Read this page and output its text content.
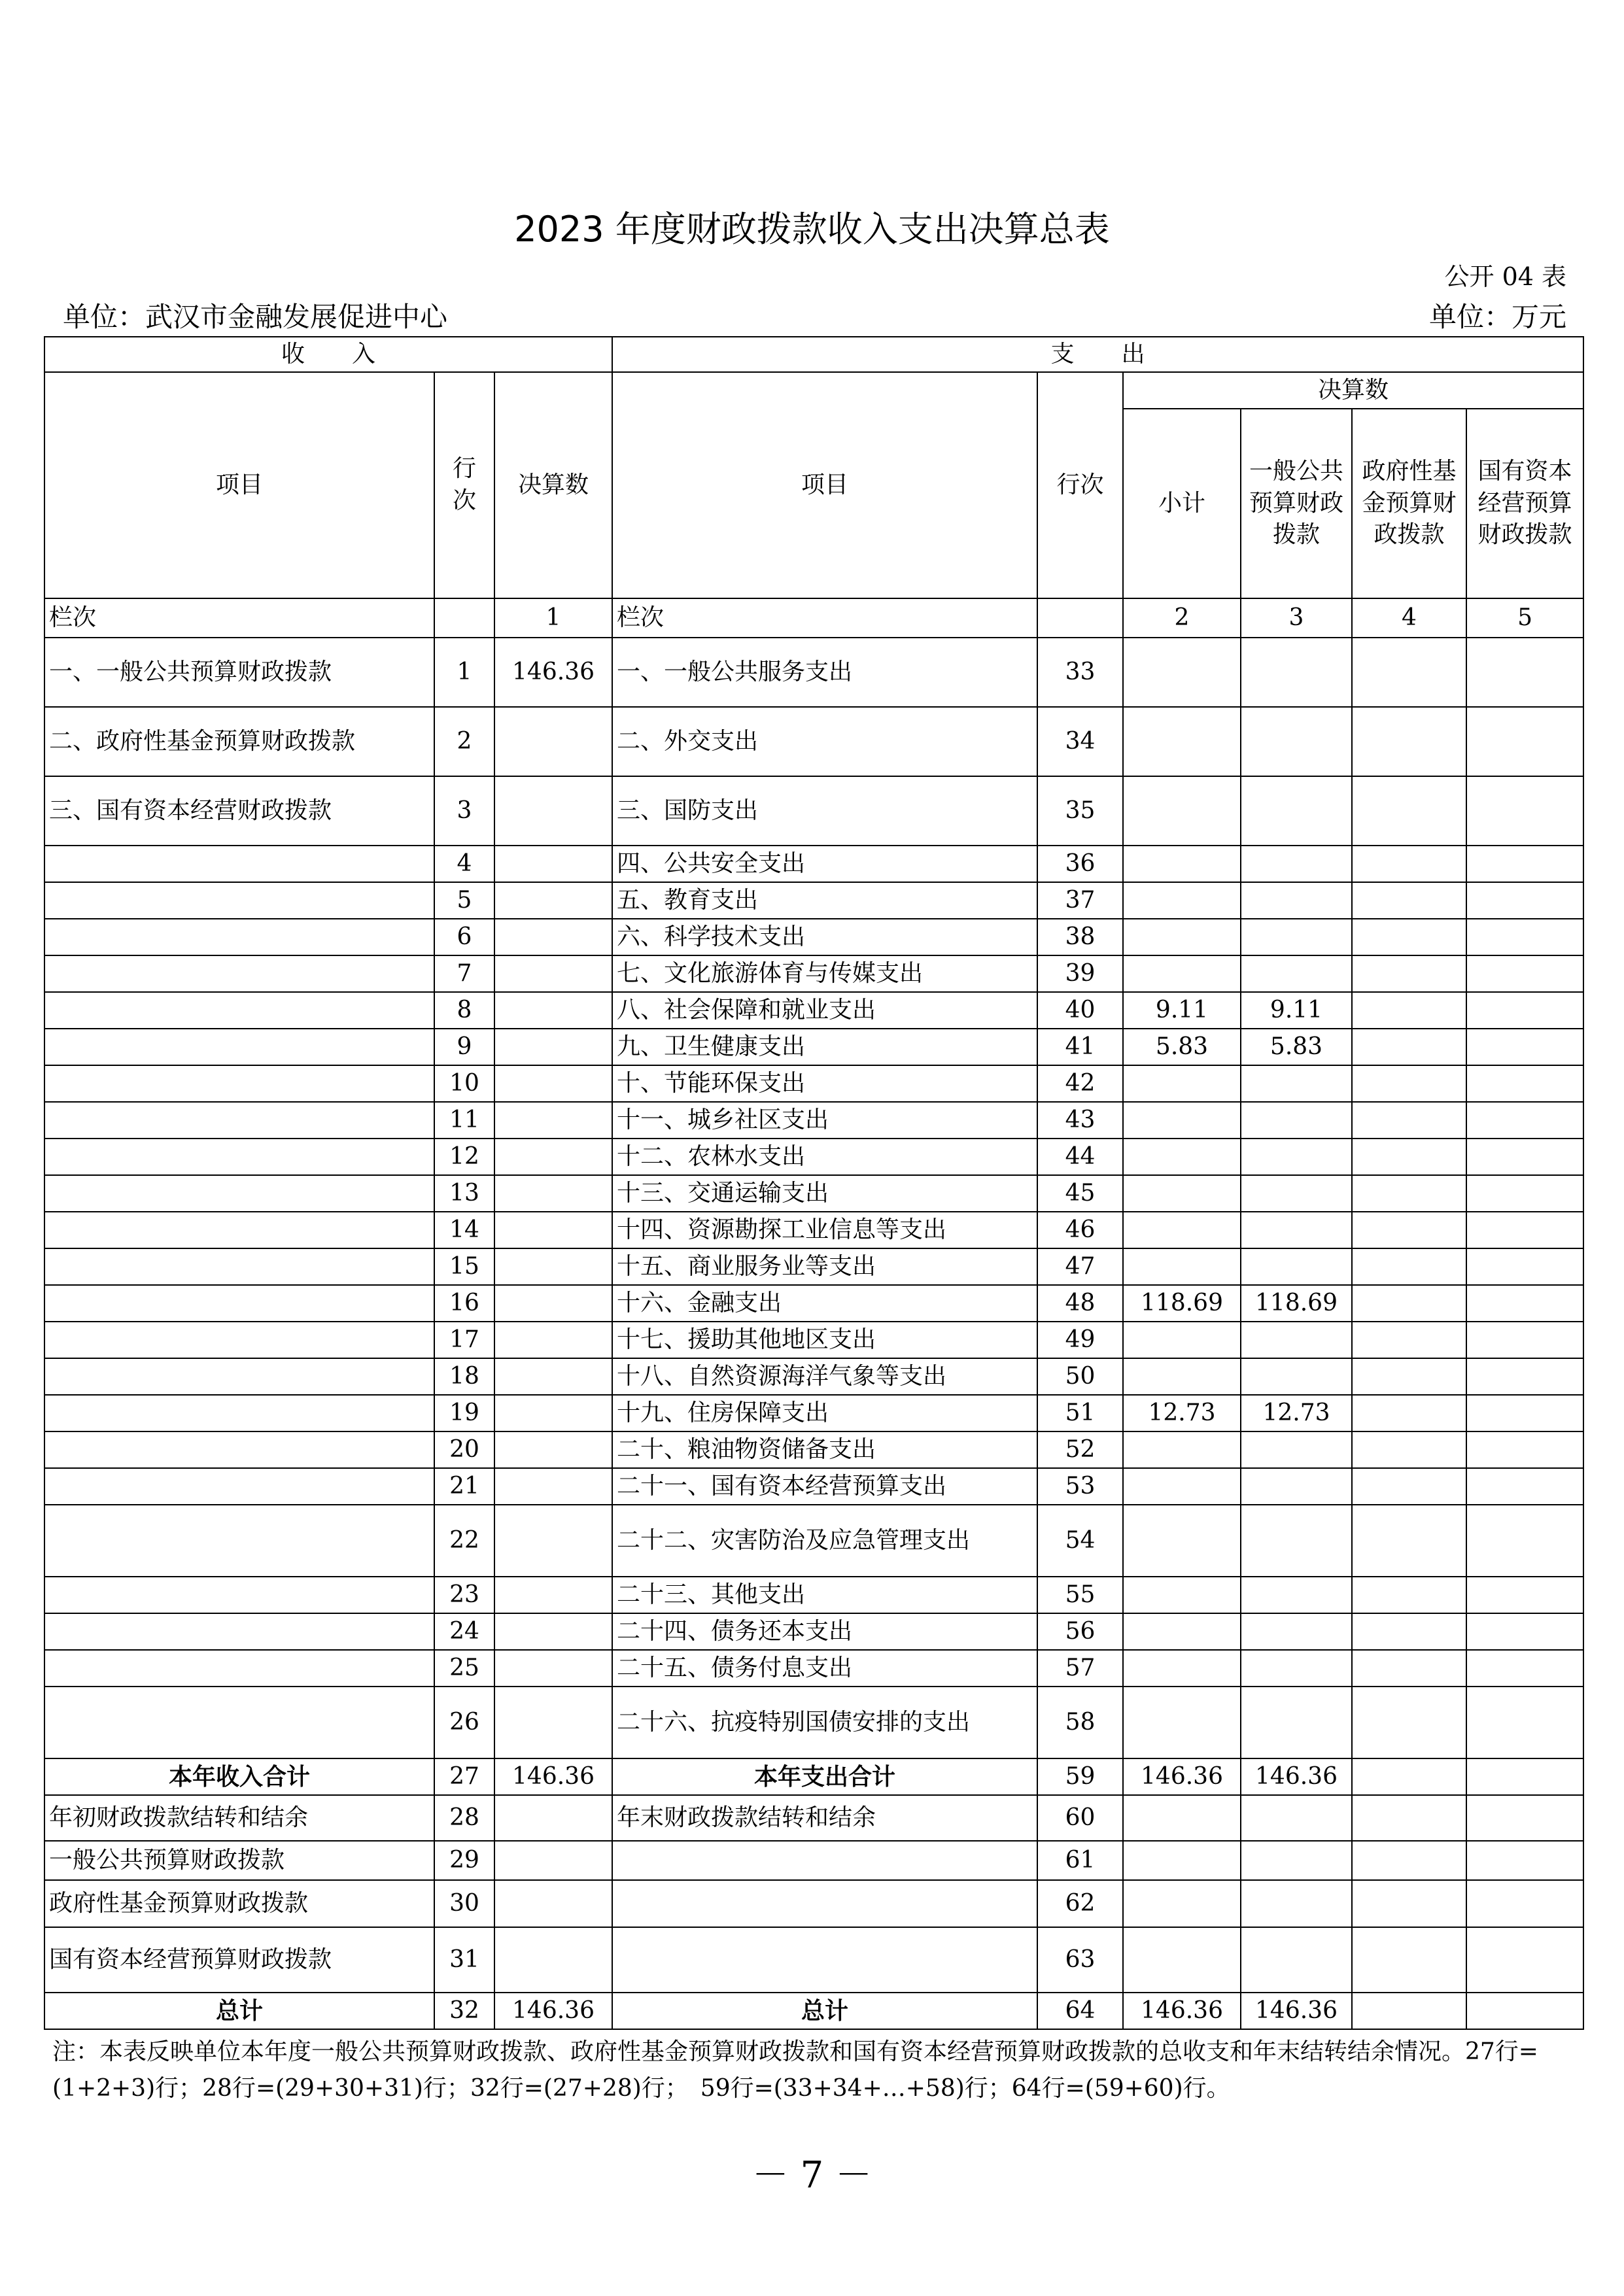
2023 年度财政拨款收入支出决算总表
公开 04 表
单位：武汉市金融发展促进中心	单位：万元
收　　入			支　　出					
项目	行次	决算数	项目	行次	决算数			
					小计	一般公共预算财政拨款	政府性基金预算财政拨款	国有资本经营预算财政拨款
栏次		1	栏次		2	3	4	5
一、一般公共预算财政拨款	1	146.36	一、一般公共服务支出	33				
二、政府性基金预算财政拨款	2		二、外交支出	34				
三、国有资本经营财政拨款	3		三、国防支出	35				
	4		四、公共安全支出	36				
	5		五、教育支出	37				
	6		六、科学技术支出	38				
	7		七、文化旅游体育与传媒支出	39				
	8		八、社会保障和就业支出	40	9.11	9.11		
	9		九、卫生健康支出	41	5.83	5.83		
	10		十、节能环保支出	42				
	11		十一、城乡社区支出	43				
	12		十二、农林水支出	44				
	13		十三、交通运输支出	45				
	14		十四、资源勘探工业信息等支出	46				
	15		十五、商业服务业等支出	47				
	16		十六、金融支出	48	118.69	118.69		
	17		十七、援助其他地区支出	49				
	18		十八、自然资源海洋气象等支出	50				
	19		十九、住房保障支出	51	12.73	12.73		
	20		二十、粮油物资储备支出	52				
	21		二十一、国有资本经营预算支出	53				
	22		二十二、灾害防治及应急管理支出	54				
	23		二十三、其他支出	55				
	24		二十四、债务还本支出	56				
	25		二十五、债务付息支出	57				
	26		二十六、抗疫特别国债安排的支出	58				
本年收入合计	27	146.36	本年支出合计	59	146.36	146.36		
年初财政拨款结转和结余	28		年末财政拨款结转和结余	60				
一般公共预算财政拨款	29			61				
政府性基金预算财政拨款	30			62				
国有资本经营预算财政拨款	31			63				
总计	32	146.36	总计	64	146.36	146.36		
注：本表反映单位本年度一般公共预算财政拨款、政府性基金预算财政拨款和国有资本经营预算财政拨款的总收支和年末结转结余情况。27行=(1+2+3)行；28行=(29+30+31)行；32行=(27+28)行；　59行=(33+34+…+58)行；64行=(59+60)行。
－ 7 －
